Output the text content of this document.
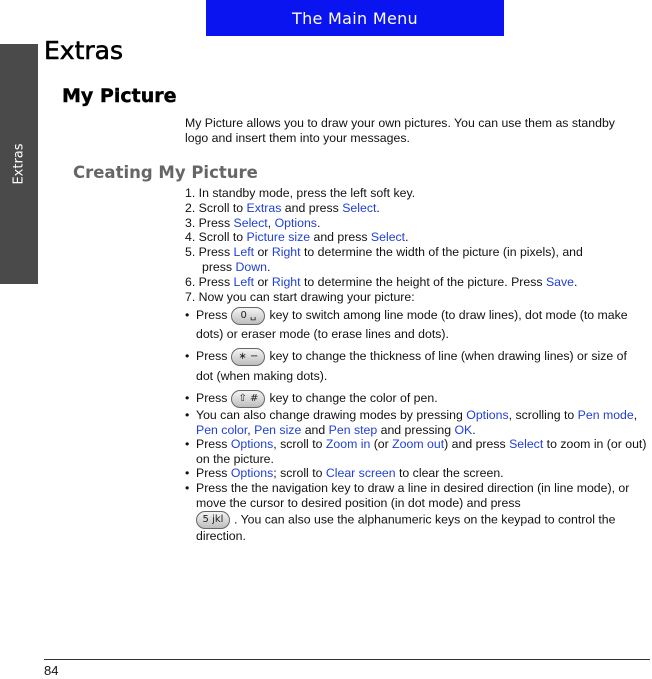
The Main Menu
Extras
Extras
My Picture

My Picture allows you to draw your own pictures. You can use them as standby logo and insert them into your messages.

Creating My Picture
1. In standby mode, press the left soft key.
2. Scroll to Extras and press Select.
3. Press Select, Options.
4. Scroll to Picture size and press Select.
5. Press Left or Right to determine the width of the picture (in pixels), and
press Down.
6. Press Left or Right to determine the height of the picture. Press Save.
7. Now you can start drawing your picture:
• Press 0 ␣ key to switch among line mode (to draw lines), dot mode (to make dots) or eraser mode (to erase lines and dots).
• Press ∗ − key to change the thickness of line (when drawing lines) or size of dot (when making dots).
• Press ⇧ # key to change the color of pen.
• You can also change drawing modes by pressing Options, scrolling to Pen mode, Pen color, Pen size and Pen step and pressing OK.
• Press Options, scroll to Zoom in (or Zoom out) and press Select to zoom in (or out) on the picture.
• Press Options; scroll to Clear screen to clear the screen.
• Press the the navigation key to draw a line in desired direction (in line mode), or move the cursor to desired position (in dot mode) and press
5 jkl . You can also use the alphanumeric keys on the keypad to control the direction.
84
